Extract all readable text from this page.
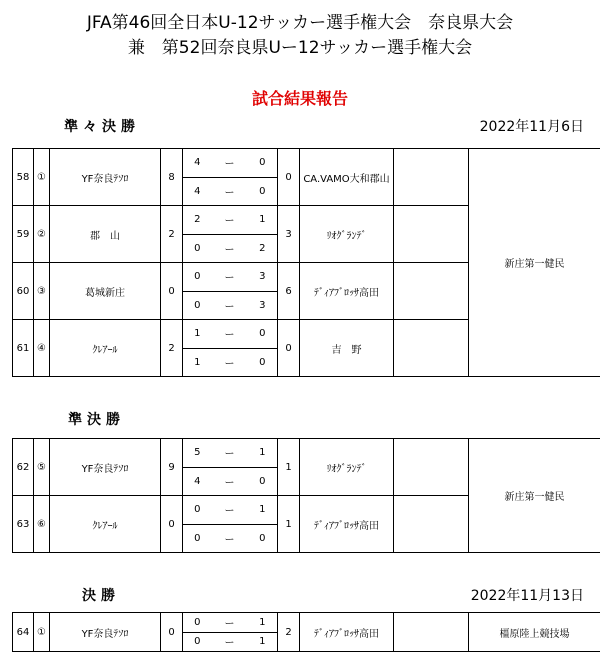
JFA第46回全日本U-12サッカー選手権大会　奈良県大会
兼　第52回奈良県Uー12サッカー選手権大会
試合結果報告
準々決勝	2022年11月6日
58	①	YF奈良ﾃｿﾛ	8	4	ー	0	0	CA.VAMO大和郡山		新庄第一健民
				4	ー	0				
59	②	郡　山	2	2	ー	1	3	ﾘｵｸﾞﾗﾝﾃﾞ		
				0	ー	2				
60	③	葛城新庄	0	0	ー	3	6	ﾃﾞｨｱﾌﾞﾛｯｻ高田		
				0	ー	3				
61	④	ｸﾚｱｰﾙ	2	1	ー	0	0	吉　野		
				1	ー	0				
準決勝
62	⑤	YF奈良ﾃｿﾛ	9	5	ー	1	1	ﾘｵｸﾞﾗﾝﾃﾞ		新庄第一健民
				4	ー	0				
63	⑥	ｸﾚｱｰﾙ	0	0	ー	1	1	ﾃﾞｨｱﾌﾞﾛｯｻ高田		
				0	ー	0				
決勝	2022年11月13日
64	①	YF奈良ﾃｿﾛ	0	0	ー	1	2	ﾃﾞｨｱﾌﾞﾛｯｻ高田		橿原陸上競技場
				0	ー	1				
